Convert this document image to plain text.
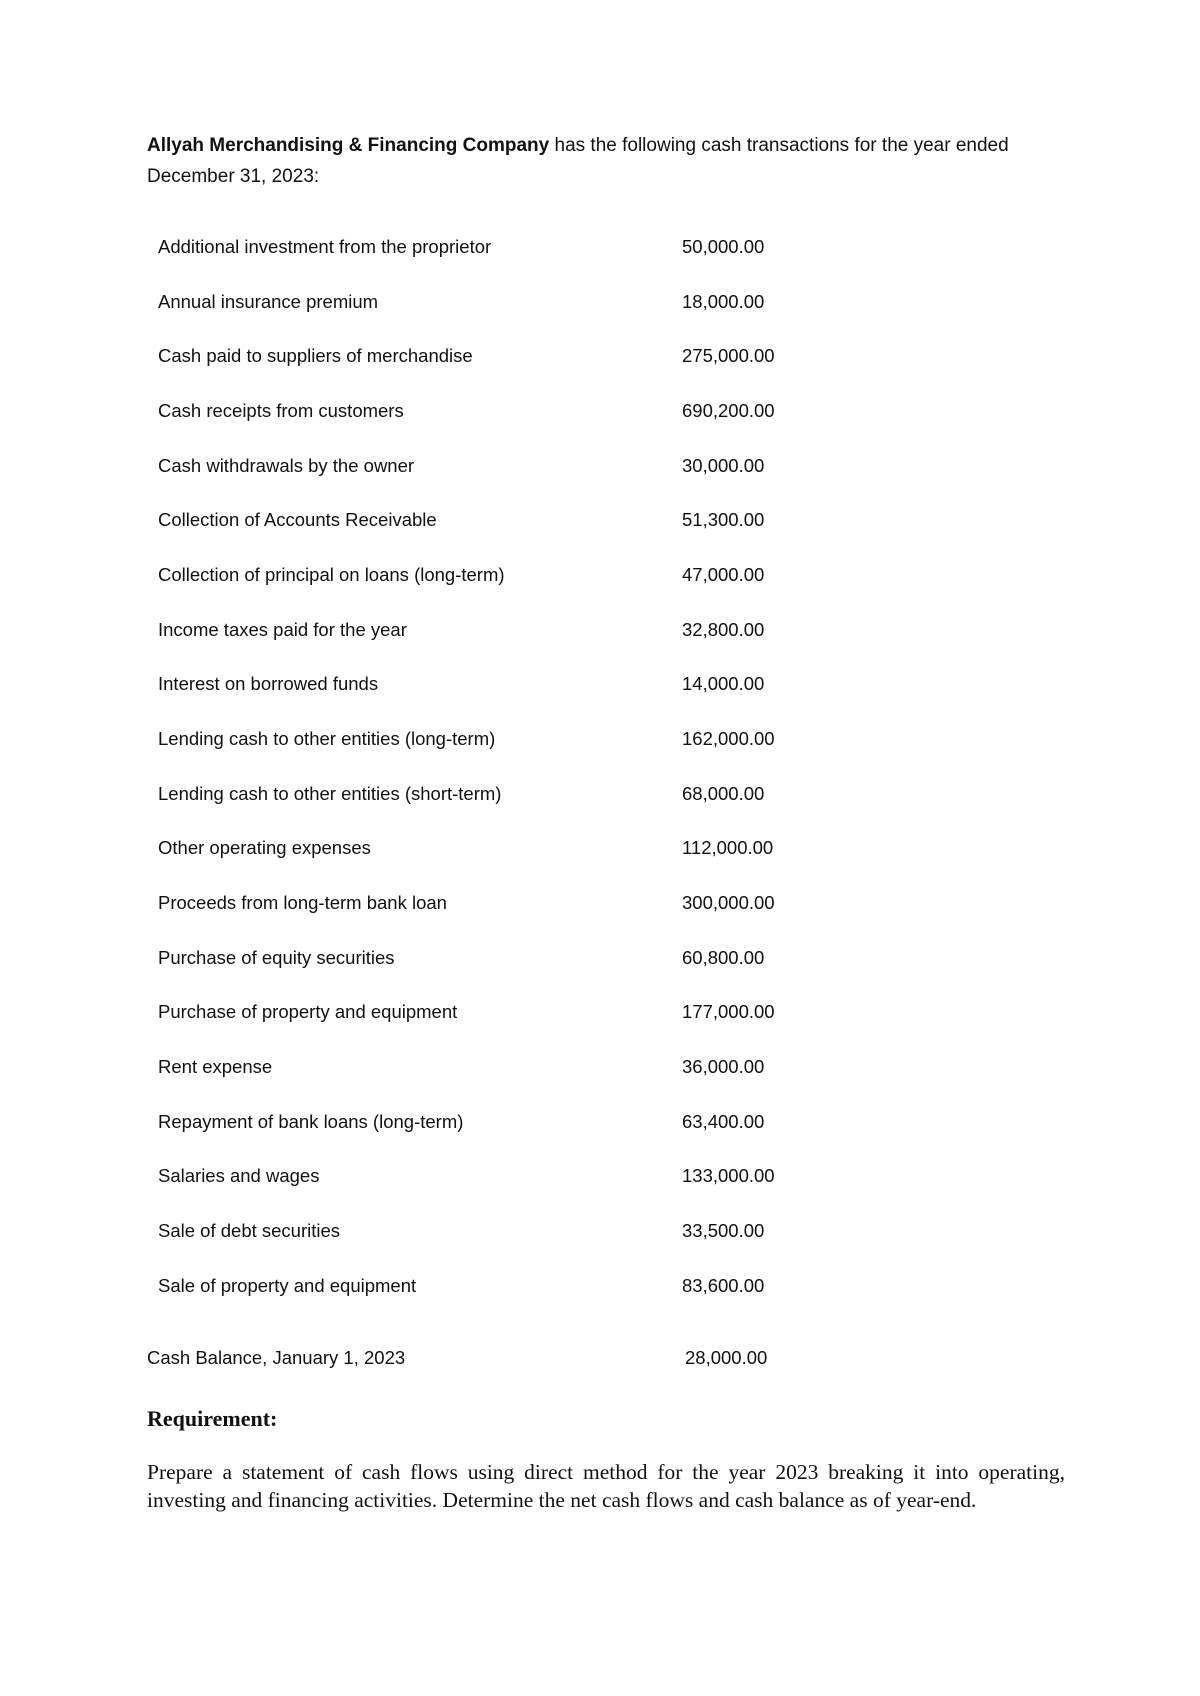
Allyah Merchandising & Financing Company has the following cash transactions for the year ended December 31, 2023:
Additional investment from the proprietor	50,000.00
Annual insurance premium	18,000.00
Cash paid to suppliers of merchandise	275,000.00
Cash receipts from customers	690,200.00
Cash withdrawals by the owner	30,000.00
Collection of Accounts Receivable	51,300.00
Collection of principal on loans (long-term)	47,000.00
Income taxes paid for the year	32,800.00
Interest on borrowed funds	14,000.00
Lending cash to other entities (long-term)	162,000.00
Lending cash to other entities (short-term)	68,000.00
Other operating expenses	112,000.00
Proceeds from long-term bank loan	300,000.00
Purchase of equity securities	60,800.00
Purchase of property and equipment	177,000.00
Rent expense	36,000.00
Repayment of bank loans (long-term)	63,400.00
Salaries and wages	133,000.00
Sale of debt securities	33,500.00
Sale of property and equipment	83,600.00
Cash Balance, January 1, 2023	28,000.00
Requirement:
Prepare a statement of cash flows using direct method for the year 2023 breaking it into operating, investing and financing activities. Determine the net cash flows and cash balance as of year-end.
